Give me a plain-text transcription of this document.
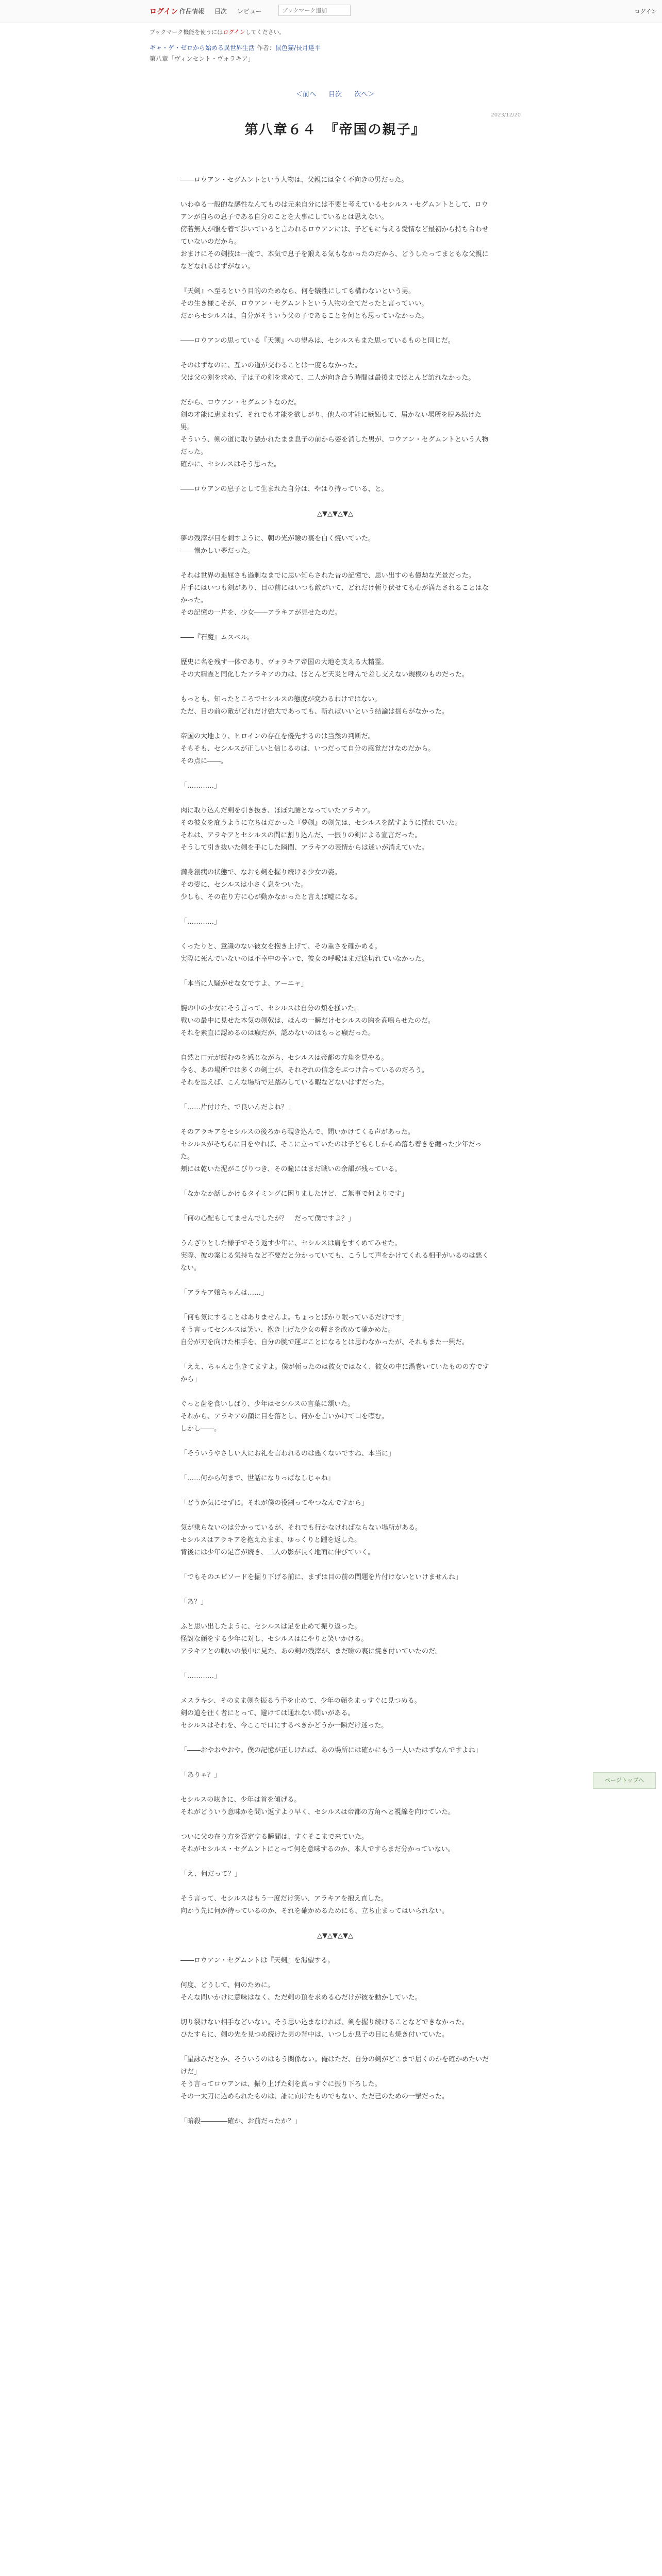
ログイン 作品情報 目次 レビュー
ブックマーク追加	ログイン
ブックマーク機能を使うにはログインしてください。
ギャ・ゲ・ゼロから始める異世界生活 作者：鼠色猫/長月達平
第八章「ヴィンセント・ヴォラキア」
＜前へ 目次 次へ＞
2023/12/20
第八章６４　『帝国の親子』

――ロウアン・セグムントという人物は、父親には全く不向きの男だった。

いわゆる一般的な感性なんてものは元来自分には不要と考えているセシルス・セグムントとして、ロウアンが自らの息子である自分のことを大事にしているとは思えない。
傍若無人が服を着て歩いていると言われるロウアンには、子どもに与える愛情など最初から持ち合わせていないのだから。
おまけにその剣技は一流で、本気で息子を鍛える気もなかったのだから、どうしたってまともな父親になどなれるはずがない。

『天剣』へ至るという目的のためなら、何を犠牲にしても構わないという男。
その生き様こそが、ロウアン・セグムントという人物の全てだったと言っていい。
だからセシルスは、自分がそういう父の子であることを何とも思っていなかった。

――ロウアンの思っている『天剣』への望みは、セシルスもまた思っているものと同じだ。

そのはずなのに、互いの道が交わることは一度もなかった。
父は父の剣を求め、子は子の剣を求めて、二人が向き合う時間は最後までほとんど訪れなかった。

だから、ロウアン・セグムントなのだ。
剣の才能に恵まれず、それでも才能を欲しがり、他人の才能に嫉妬して、届かない場所を睨み続けた男。
そういう、剣の道に取り憑かれたまま息子の前から姿を消した男が、ロウアン・セグムントという人物だった。
確かに、セシルスはそう思った。

――ロウアンの息子として生まれた自分は、やはり持っている、と。

△▼△▼△▼△

夢の残滓が目を刺すように、朝の光が瞼の裏を白く焼いていた。
――懐かしい夢だった。

それは世界の退屈さも過剰なまでに思い知らされた昔の記憶で、思い出すのも億劫な光景だった。
片手にはいつも剣があり、目の前にはいつも敵がいて、どれだけ斬り伏せても心が満たされることはなかった。
その記憶の一片を、少女――アラキアが見せたのだ。

――『石魔』ムスペル。

歴史に名を残す一体であり、ヴォラキア帝国の大地を支える大精霊。
その大精霊と同化したアラキアの力は、ほとんど天災と呼んで差し支えない規模のものだった。

もっとも、知ったところでセシルスの態度が変わるわけではない。
ただ、目の前の敵がどれだけ強大であっても、斬ればいいという結論は揺らがなかった。

帝国の大地より、ヒロインの存在を優先するのは当然の判断だ。
そもそも、セシルスが正しいと信じるのは、いつだって自分の感覚だけなのだから。
その点に――。

「…………」

肉に取り込んだ剣を引き抜き、ほぼ丸腰となっていたアラキア。
その彼女を庇うように立ちはだかった『夢剣』の剣先は、セシルスを試すように揺れていた。
それは、アラキアとセシルスの間に割り込んだ、一振りの剣による宣言だった。
そうして引き抜いた剣を手にした瞬間、アラキアの表情からは迷いが消えていた。

満身創痍の状態で、なおも剣を握り続ける少女の姿。
その姿に、セシルスは小さく息をついた。
少しも、その在り方に心が動かなかったと言えば嘘になる。

「…………」

くったりと、意識のない彼女を抱き上げて、その重さを確かめる。
実際に死んでいないのは不幸中の幸いで、彼女の呼吸はまだ途切れていなかった。

「本当に人騒がせな女ですよ、アーニャ」

腕の中の少女にそう言って、セシルスは自分の頬を掻いた。
戦いの最中に見せた本気の剣戟は、ほんの一瞬だけセシルスの胸を高鳴らせたのだ。
それを素直に認めるのは癪だが、認めないのはもっと癪だった。

自然と口元が緩むのを感じながら、セシルスは帝都の方角を見やる。
今も、あの場所では多くの剣士が、それぞれの信念をぶつけ合っているのだろう。
それを思えば、こんな場所で足踏みしている暇などないはずだった。

「……片付けた、で良いんだよね？」

そのアラキアをセシルスの後ろから覗き込んで、問いかけてくる声があった。
セシルスがそちらに目をやれば、そこに立っていたのは子どもらしからぬ落ち着きを纏った少年だった。
頬には乾いた泥がこびりつき、その瞳にはまだ戦いの余韻が残っている。

「なかなか話しかけるタイミングに困りましたけど、ご無事で何よりです」

「何の心配もしてませんでしたが？　だって僕ですよ？」

うんざりとした様子でそう返す少年に、セシルスは肩をすくめてみせた。
実際、彼の案じる気持ちなど不要だと分かっていても、こうして声をかけてくれる相手がいるのは悪くない。

「アラキア嬢ちゃんは……」

「何も気にすることはありませんよ。ちょっとばかり眠っているだけです」
そう言ってセシルスは笑い、抱き上げた少女の軽さを改めて確かめた。
自分が刃を向けた相手を、自分の腕で運ぶことになるとは思わなかったが、それもまた一興だ。

「ええ、ちゃんと生きてますよ。僕が斬ったのは彼女ではなく、彼女の中に渦巻いていたものの方ですから」

ぐっと歯を食いしばり、少年はセシルスの言葉に頷いた。
それから、アラキアの顔に目を落とし、何かを言いかけて口を噤む。
しかし――。

「そういうやさしい人にお礼を言われるのは悪くないですね、本当に」

「……何から何まで、世話になりっぱなしじゃね」

「どうか気にせずに。それが僕の役割ってやつなんですから」

気が乗らないのは分かっているが、それでも行かなければならない場所がある。
セシルスはアラキアを抱えたまま、ゆっくりと踵を返した。
背後には少年の足音が続き、二人の影が長く地面に伸びていく。

「でもそのエピソードを掘り下げる前に、まずは目の前の問題を片付けないといけませんね」

「あ？」

ふと思い出したように、セシルスは足を止めて振り返った。
怪訝な顔をする少年に対し、セシルスはにやりと笑いかける。
アラキアとの戦いの最中に見た、あの剣の残滓が、まだ瞼の裏に焼き付いていたのだ。

「…………」

メスラキシ、そのまま剣を振るう手を止めて、少年の顔をまっすぐに見つめる。
剣の道を往く者にとって、避けては通れない問いがある。
セシルスはそれを、今ここで口にするべきかどうか一瞬だけ迷った。

「――おやおやおや。僕の記憶が正しければ、あの場所には確かにもう一人いたはずなんですよね」

「ありゃ？」

セシルスの呟きに、少年は首を傾げる。
それがどういう意味かを問い返すより早く、セシルスは帝都の方角へと視線を向けていた。

ついに父の在り方を否定する瞬間は、すぐそこまで来ていた。
それがセシルス・セグムントにとって何を意味するのか、本人ですらまだ分かっていない。

「え、何だって？」

そう言って、セシルスはもう一度だけ笑い、アラキアを抱え直した。
向かう先に何が待っているのか、それを確かめるためにも、立ち止まってはいられない。

△▼△▼△▼△

――ロウアン・セグムントは『天剣』を渇望する。

何度、どうして、何のために。
そんな問いかけに意味はなく、ただ剣の頂を求める心だけが彼を動かしていた。

切り裂けない相手などいない。そう思い込まなければ、剣を握り続けることなどできなかった。
ひたすらに、剣の先を見つめ続けた男の背中は、いつしか息子の目にも焼き付いていた。

「星詠みだとか、そういうのはもう関係ない。俺はただ、自分の剣がどこまで届くのかを確かめたいだけだ」
そう言ってロウアンは、振り上げた剣を真っすぐに振り下ろした。
その一太刀に込められたものは、誰に向けたものでもない、ただ己のための一撃だった。

「暗殺――――確か、お前だったか？」

ページトップへ
